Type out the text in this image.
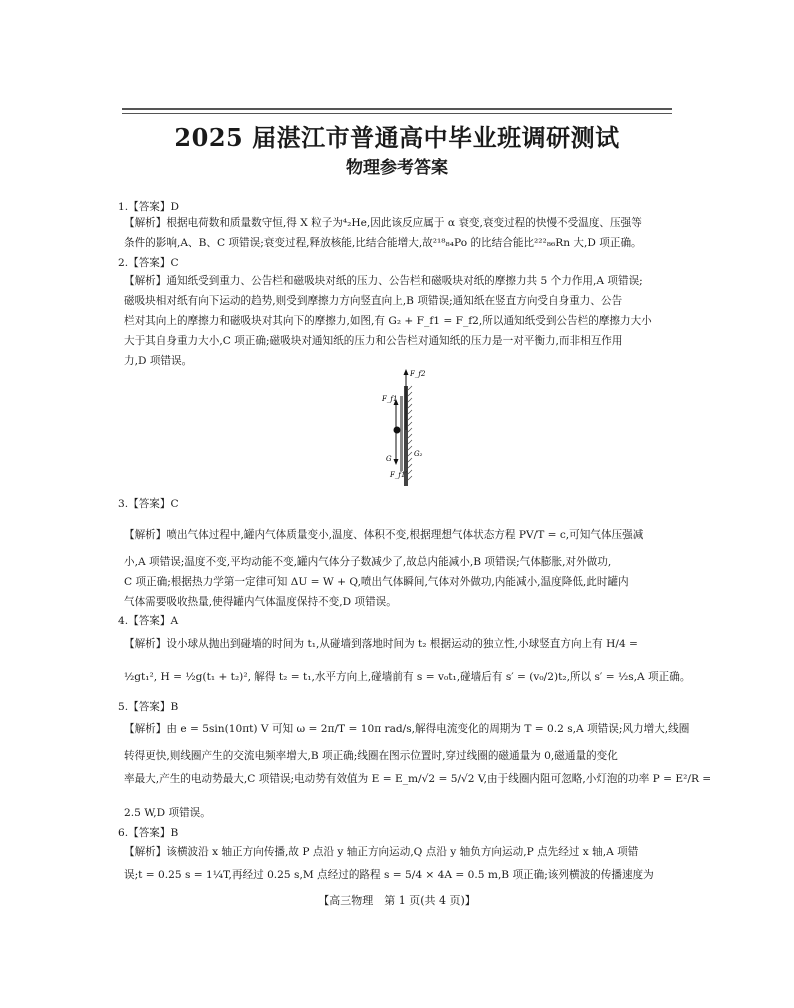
2025 届湛江市普通高中毕业班调研测试
物理参考答案
1.【答案】D
【解析】根据电荷数和质量数守恒,得 X 粒子为⁴₂He,因此该反应属于 α 衰变,衰变过程的快慢不受温度、压强等
条件的影响,A、B、C 项错误;衰变过程,释放核能,比结合能增大,故²¹⁸₈₄Po 的比结合能比²²²₈₆Rn 大,D 项正确。
2.【答案】C
【解析】通知纸受到重力、公告栏和磁吸块对纸的压力、公告栏和磁吸块对纸的摩擦力共 5 个力作用,A 项错误;
磁吸块相对纸有向下运动的趋势,则受到摩擦力方向竖直向上,B 项错误;通知纸在竖直方向受自身重力、公告
栏对其向上的摩擦力和磁吸块对其向下的摩擦力,如图,有 G₂ + F_f1 = F_f2,所以通知纸受到公告栏的摩擦力大小
大于其自身重力大小,C 项正确;磁吸块对通知纸的压力和公告栏对通知纸的压力是一对平衡力,而非相互作用
力,D 项错误。
3.【答案】C
【解析】喷出气体过程中,罐内气体质量变小,温度、体积不变,根据理想气体状态方程 PV/T = c,可知气体压强减
小,A 项错误;温度不变,平均动能不变,罐内气体分子数减少了,故总内能减小,B 项错误;气体膨胀,对外做功,
C 项正确;根据热力学第一定律可知 ΔU = W + Q,喷出气体瞬间,气体对外做功,内能减小,温度降低,此时罐内
气体需要吸收热量,使得罐内气体温度保持不变,D 项错误。
4.【答案】A
【解析】设小球从抛出到碰墙的时间为 t₁,从碰墙到落地时间为 t₂ 根据运动的独立性,小球竖直方向上有 H/4 =
½gt₁², H = ½g(t₁ + t₂)², 解得 t₂ = t₁,水平方向上,碰墙前有 s = v₀t₁,碰墙后有 s′ = (v₀/2)t₂,所以 s′ = ½s,A 项正确。
5.【答案】B
【解析】由 e = 5sin(10πt) V 可知 ω = 2π/T = 10π rad/s,解得电流变化的周期为 T = 0.2 s,A 项错误;风力增大,线圈
转得更快,则线圈产生的交流电频率增大,B 项正确;线圈在图示位置时,穿过线圈的磁通量为 0,磁通量的变化
率最大,产生的电动势最大,C 项错误;电动势有效值为 E = E_m/√2 = 5/√2 V,由于线圈内阻可忽略,小灯泡的功率 P = E²/R =
2.5 W,D 项错误。
6.【答案】B
【解析】该横波沿 x 轴正方向传播,故 P 点沿 y 轴正方向运动,Q 点沿 y 轴负方向运动,P 点先经过 x 轴,A 项错
误;t = 0.25 s = 1¼T,再经过 0.25 s,M 点经过的路程 s = 5/4 × 4A = 0.5 m,B 项正确;该列横波的传播速度为
F_f2
F_f1
G
G₂
F_f1′
【高三物理　第 1 页(共 4 页)】
